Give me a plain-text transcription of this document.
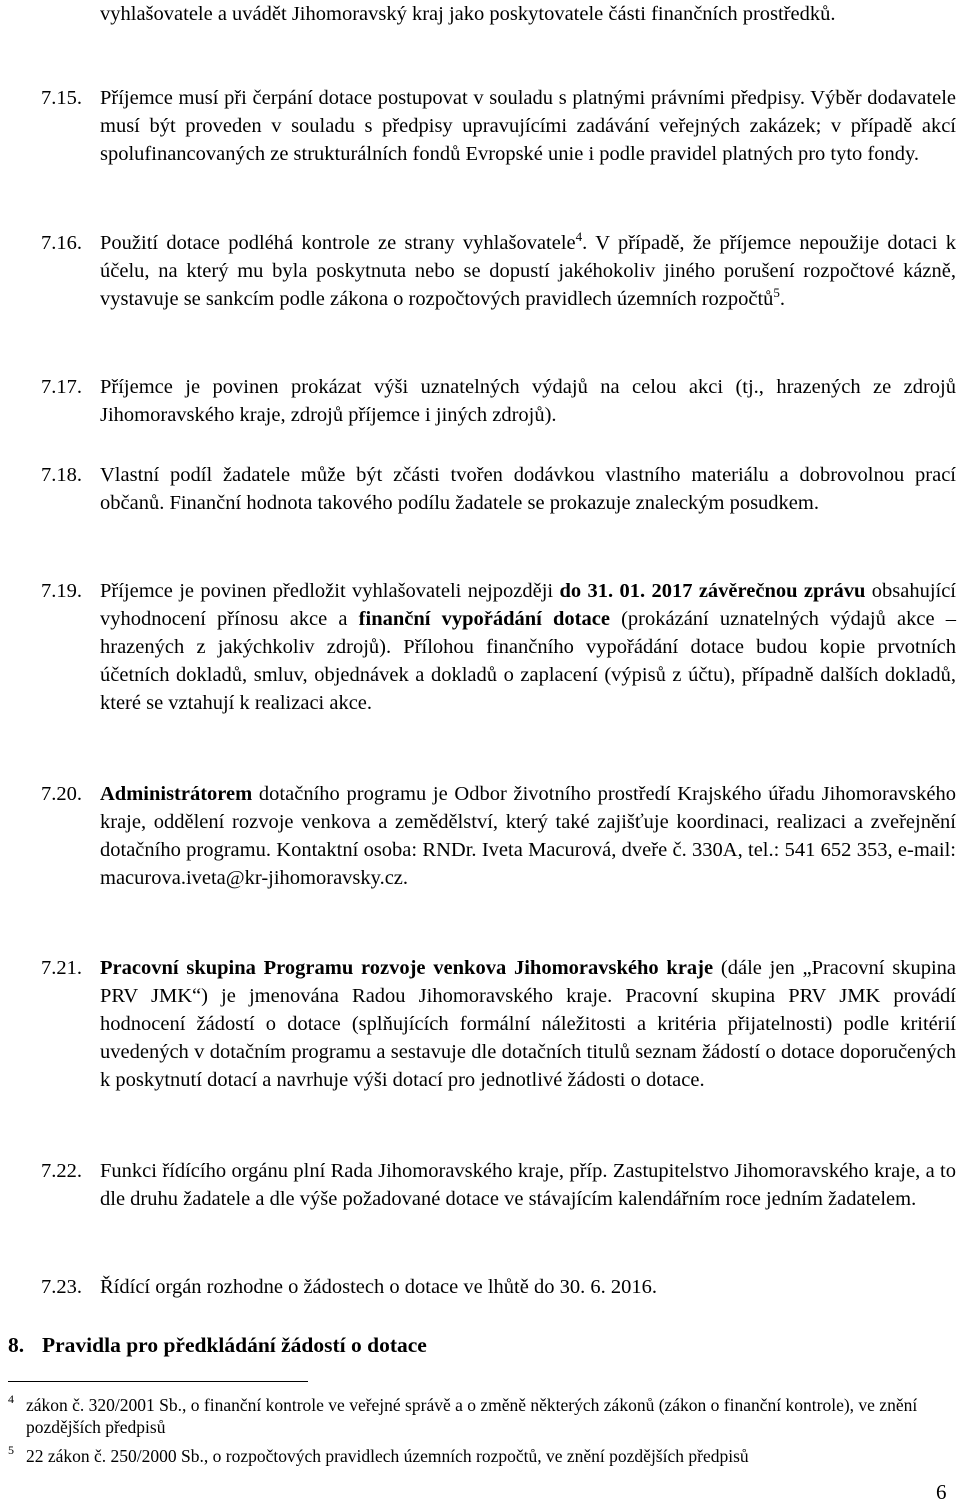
vyhlašovatele a uvádět Jihomoravský kraj jako poskytovatele části finančních prostředků.
7.15. Příjemce musí při čerpání dotace postupovat v souladu s platnými právními předpisy. Výběr dodavatele musí být proveden v souladu s předpisy upravujícími zadávání veřejných zakázek; v případě akcí spolufinancovaných ze strukturálních fondů Evropské unie i podle pravidel platných pro tyto fondy.
7.16. Použití dotace podléhá kontrole ze strany vyhlašovatele$^4$. V případě, že příjemce nepoužije dotaci k účelu, na který mu byla poskytnuta nebo se dopustí jakéhokoliv jiného porušení rozpočtové kázně, vystavuje se sankcím podle zákona o rozpočtových pravidlech územních rozpočtů$^5$.
7.17. Příjemce je povinen prokázat výši uznatelných výdajů na celou akci (tj., hrazených ze zdrojů Jihomoravského kraje, zdrojů příjemce i jiných zdrojů).
7.18. Vlastní podíl žadatele může být zčásti tvořen dodávkou vlastního materiálu a dobrovolnou prací občanů. Finanční hodnota takového podílu žadatele se prokazuje znaleckým posudkem.
7.19. Příjemce je povinen předložit vyhlašovateli nejpozději do 31. 01. 2017 závěrečnou zprávu obsahující vyhodnocení přínosu akce a finanční vypořádání dotace (prokázání uznatelných výdajů akce – hrazených z jakýchkoliv zdrojů). Přílohou finančního vypořádání dotace budou kopie prvotních účetních dokladů, smluv, objednávek a dokladů o zaplacení (výpisů z účtu), případně dalších dokladů, které se vztahují k realizaci akce.
7.20. Administrátorem dotačního programu je Odbor životního prostředí Krajského úřadu Jihomoravského kraje, oddělení rozvoje venkova a zemědělství, který také zajišťuje koordinaci, realizaci a zveřejnění dotačního programu. Kontaktní osoba: RNDr. Iveta Macurová, dveře č. 330A, tel.: 541 652 353, e-mail: macurova.iveta@kr-jihomoravsky.cz.
7.21. Pracovní skupina Programu rozvoje venkova Jihomoravského kraje (dále jen „Pracovní skupina PRV JMK“) je jmenována Radou Jihomoravského kraje. Pracovní skupina PRV JMK provádí hodnocení žádostí o dotace (splňujících formální náležitosti a kritéria přijatelnosti) podle kritérií uvedených v dotačním programu a sestavuje dle dotačních titulů seznam žádostí o dotace doporučených k poskytnutí dotací a navrhuje výši dotací pro jednotlivé žádosti o dotace.
7.22. Funkci řídícího orgánu plní Rada Jihomoravského kraje, příp. Zastupitelstvo Jihomoravského kraje, a to dle druhu žadatele a dle výše požadované dotace ve stávajícím kalendářním roce jedním žadatelem.
7.23. Řídící orgán rozhodne o žádostech o dotace ve lhůtě do 30. 6. 2016.
8. Pravidla pro předkládání žádostí o dotace
4 zákon č. 320/2001 Sb., o finanční kontrole ve veřejné správě a o změně některých zákonů (zákon o finanční kontrole), ve znění pozdějších předpisů
5 22 zákon č. 250/2000 Sb., o rozpočtových pravidlech územních rozpočtů, ve znění pozdějších předpisů
6
